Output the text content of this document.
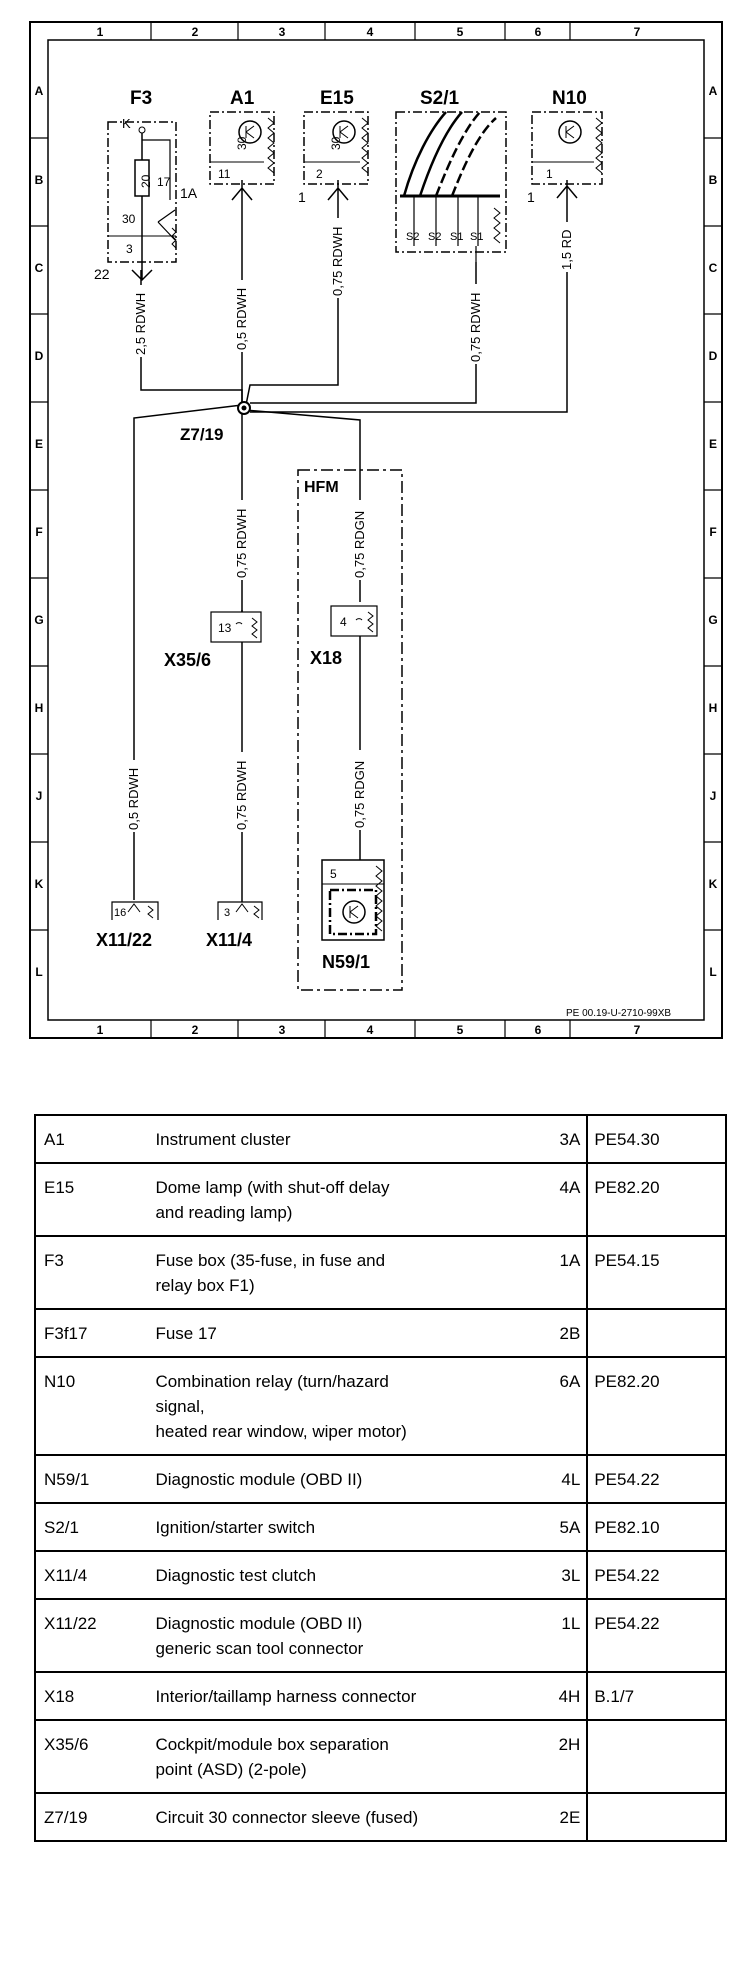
1	2	3	4	5	6	7
1	2	3	4	5	6	7
A
B
C
D
E
F
G
H
J
K
L
A
B
C
D
E
F
G
H
J
K
L
F3
K
20 17
30
3
1A
22
A1
30
11
E15
30
2
1
S2/1
S2 S2 S1 S1
N10
1
1
Z7/19
HFM
13
X35/6
4
X18
5
N59/1
16
X11/22
3
X11/4
2,5 RDWH	0,5 RDWH
0,75 RDWH
0,75 RDWH
1,5 RD
0,75 RDWH	0,75 RDGN
0,75 RDWH	0,75 RDGN
0,5 RDWH
PE 00.19-U-2710-99XB
A1	Instrument cluster	3A	PE54.30
E15	Dome lamp (with shut-off delay
and reading lamp)	4A	PE82.20
F3	Fuse box (35-fuse, in fuse and
relay box F1)	1A	PE54.15
F3f17	Fuse 17	2B	
N10	Combination relay (turn/hazard
signal,
heated rear window, wiper motor)	6A	PE82.20
N59/1	Diagnostic module (OBD II)	4L	PE54.22
S2/1	Ignition/starter switch	5A	PE82.10
X11/4	Diagnostic test clutch	3L	PE54.22
X11/22	Diagnostic module (OBD II)
generic scan tool connector	1L	PE54.22
X18	Interior/taillamp harness connector	4H	B.1/7
X35/6	Cockpit/module box separation
point (ASD) (2-pole)	2H	
Z7/19	Circuit 30 connector sleeve (fused)	2E	
